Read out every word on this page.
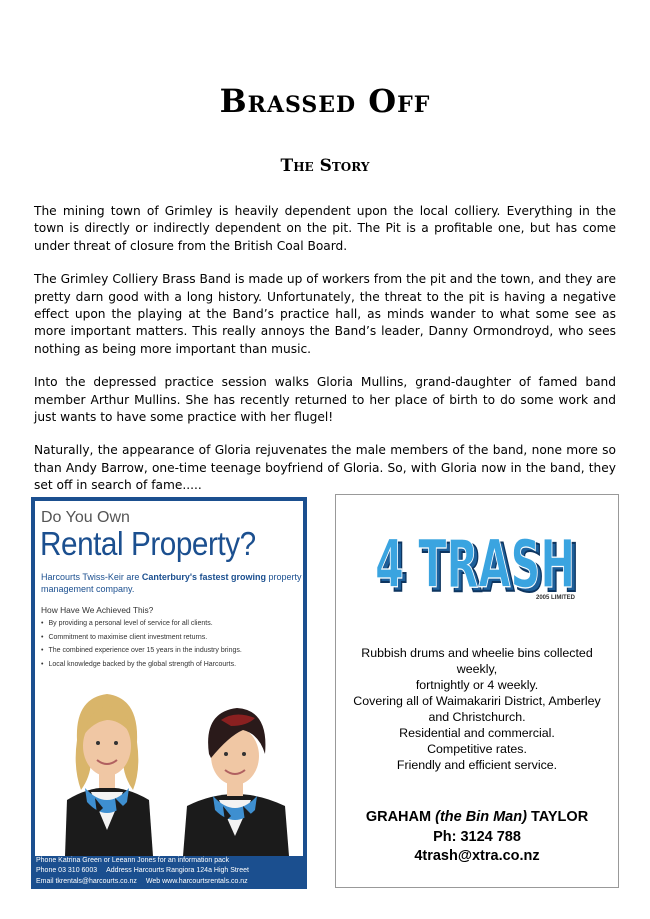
Brassed Off
The Story

The mining town of Grimley is heavily dependent upon the local colliery. Everything in the town is directly or indirectly dependent on the pit. The Pit is a profitable one, but has come under threat of closure from the British Coal Board.

The Grimley Colliery Brass Band is made up of workers from the pit and the town, and they are pretty darn good with a long history. Unfortunately, the threat to the pit is having a negative effect upon the playing at the Band’s practice hall, as minds wander to what some see as more important matters. This really annoys the Band’s leader, Danny Ormondroyd, who sees nothing as being more important than music.

Into the depressed practice session walks Gloria Mullins, grand-daughter of famed band member Arthur Mullins. She has recently returned to her place of birth to do some work and just wants to have some practice with her flugel!

Naturally, the appearance of Gloria rejuvenates the male members of the band, none more so than Andy Barrow, one-time teenage boyfriend of Gloria. So, with Gloria now in the band, they set off in search of fame.....

Do You Own
Rental Property?
Harcourts Twiss-Keir are Canterbury's fastest growing property management company.
How Have We Achieved This?
• By providing a personal level of service for all clients.
• Commitment to maximise client investment returns.
• The combined experience over 15 years in the industry brings.
• Local knowledge backed by the global strength of Harcourts.
Phone Katrina Green or Leeann Jones for an information pack
Phone 03 310 6003 Address Harcourts Rangiora 124a High Street
Email tkrentals@harcourts.co.nz Web www.harcourtsrentals.co.nz
4 TRASH
4 TRASH
2005 LIMITED
Rubbish drums and wheelie bins collected weekly,
fortnightly or 4 weekly.
Covering all of Waimakariri District, Amberley and Christchurch.
Residential and commercial.
Competitive rates.
Friendly and efficient service.
GRAHAM (the Bin Man) TAYLOR
Ph: 3124 788
4trash@xtra.co.nz
